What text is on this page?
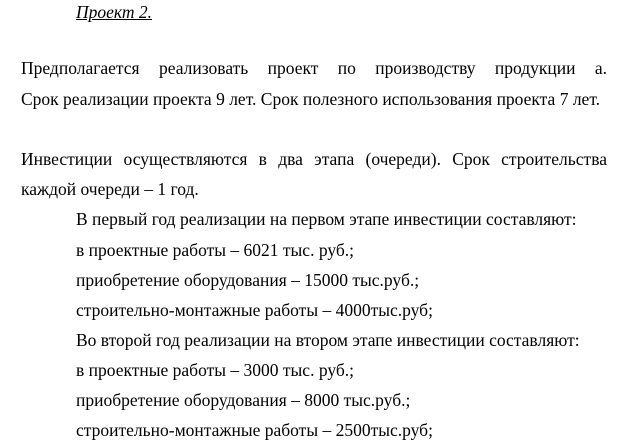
Проект 2.
Предполагается реализовать проект по производству продукции а.
Срок реализации проекта 9 лет. Срок полезного использования проекта 7 лет.
Инвестиции осуществляются в два этапа (очереди). Срок строительства
каждой очереди – 1 год.
В первый год реализации на первом этапе инвестиции составляют:
в проектные работы – 6021 тыс. руб.;
приобретение оборудования – 15000 тыс.руб.;
строительно-монтажные работы – 4000тыс.руб;
Во второй год реализации на втором этапе инвестиции составляют:
в проектные работы – 3000 тыс. руб.;
приобретение оборудования – 8000 тыс.руб.;
строительно-монтажные работы – 2500тыс.руб;
